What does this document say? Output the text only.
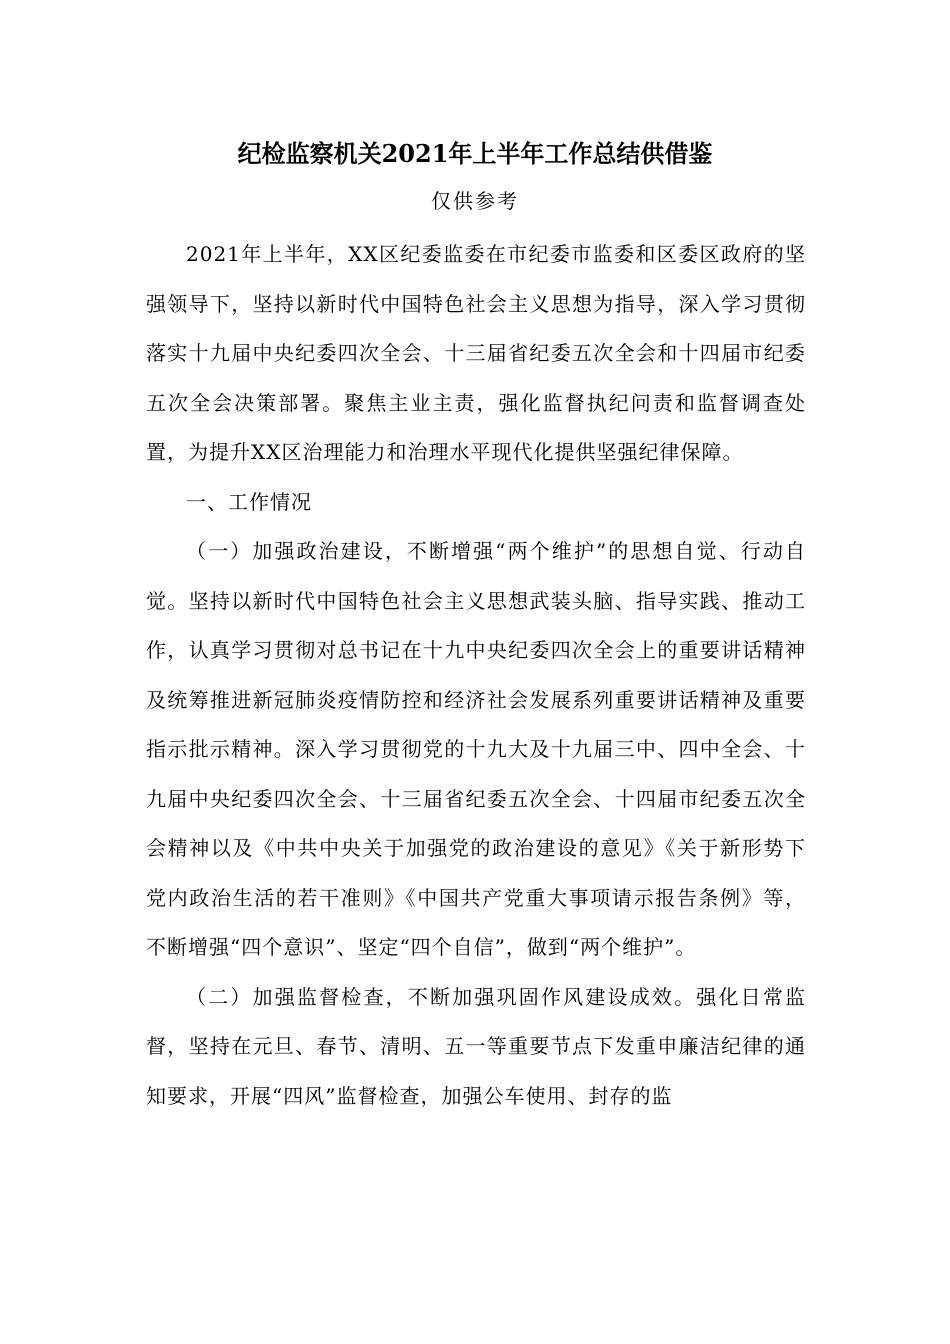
纪检监察机关2021年上半年工作总结供借鉴
仅供参考

2021年上半年，XX区纪委监委在市纪委市监委和区委区政府的坚强领导下，坚持以新时代中国特色社会主义思想为指导，深入学习贯彻落实十九届中央纪委四次全会、十三届省纪委五次全会和十四届市纪委五次全会决策部署。聚焦主业主责，强化监督执纪问责和监督调查处置，为提升XX区治理能力和治理水平现代化提供坚强纪律保障。

一、工作情况

（一）加强政治建设，不断增强“两个维护”的思想自觉、行动自觉。坚持以新时代中国特色社会主义思想武装头脑、指导实践、推动工作，认真学习贯彻对总书记在十九中央纪委四次全会上的重要讲话精神及统筹推进新冠肺炎疫情防控和经济社会发展系列重要讲话精神及重要指示批示精神。深入学习贯彻党的十九大及十九届三中、四中全会、十九届中央纪委四次全会、十三届省纪委五次全会、十四届市纪委五次全会精神以及《中共中央关于加强党的政治建设的意见》《关于新形势下党内政治生活的若干准则》《中国共产党重大事项请示报告条例》等，不断增强“四个意识”、坚定“四个自信”，做到“两个维护”。

（二）加强监督检查，不断加强巩固作风建设成效。强化日常监督，坚持在元旦、春节、清明、五一等重要节点下发重申廉洁纪律的通知要求，开展“四风”监督检查，加强公车使用、封存的监
